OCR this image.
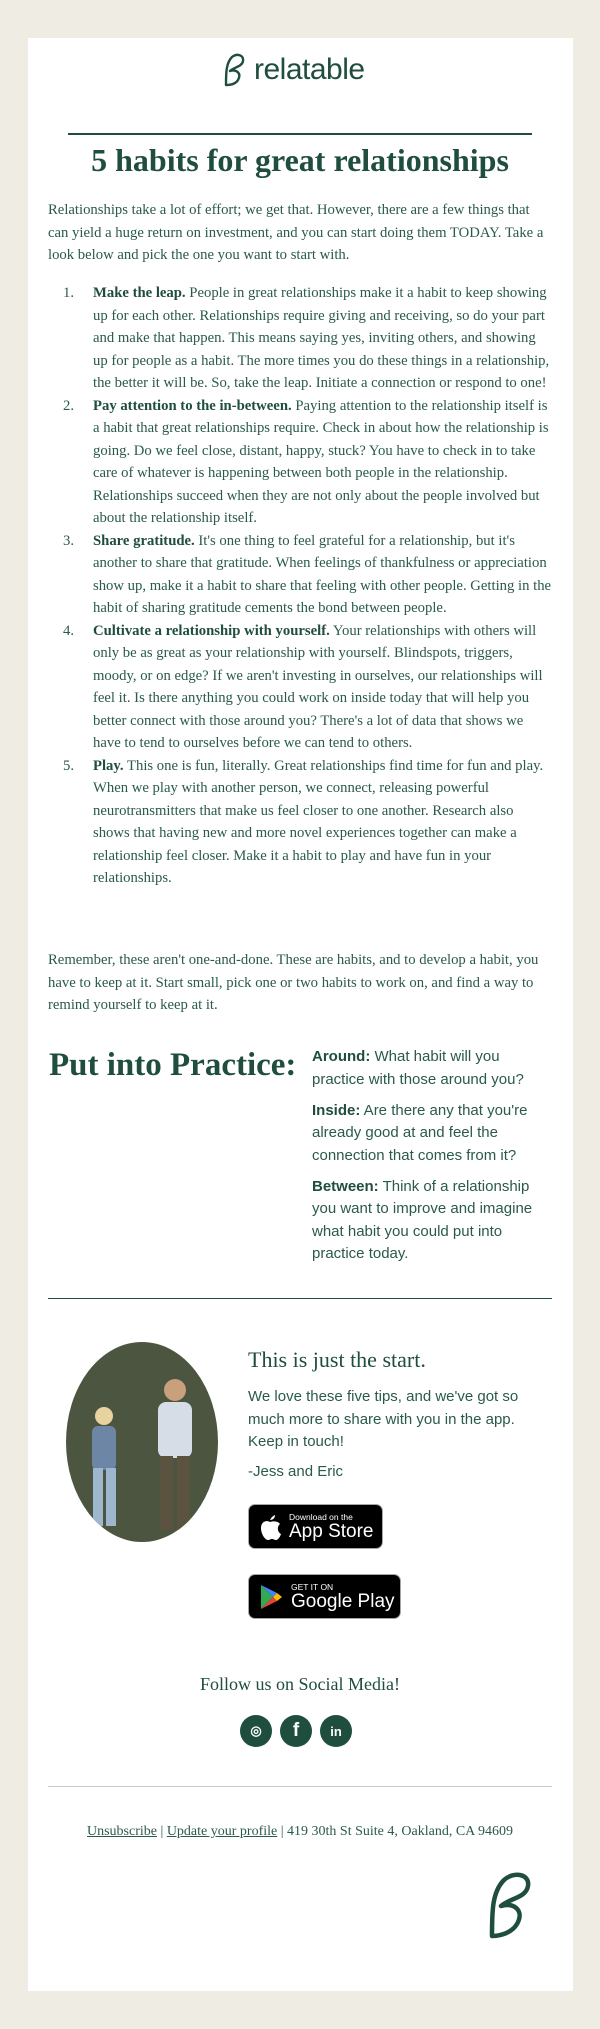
relatable
5 habits for great relationships

Relationships take a lot of effort; we get that. However, there are a few things that can yield a huge return on investment, and you can start doing them TODAY. Take a look below and pick the one you want to start with.

1. Make the leap. People in great relationships make it a habit to keep showing up for each other. Relationships require giving and receiving, so do your part and make that happen. This means saying yes, inviting others, and showing up for people as a habit. The more times you do these things in a relationship, the better it will be. So, take the leap. Initiate a connection or respond to one!
2. Pay attention to the in-between. Paying attention to the relationship itself is a habit that great relationships require. Check in about how the relationship is going. Do we feel close, distant, happy, stuck? You have to check in to take care of whatever is happening between both people in the relationship. Relationships succeed when they are not only about the people involved but about the relationship itself.
3. Share gratitude. It's one thing to feel grateful for a relationship, but it's another to share that gratitude. When feelings of thankfulness or appreciation show up, make it a habit to share that feeling with other people. Getting in the habit of sharing gratitude cements the bond between people.
4. Cultivate a relationship with yourself. Your relationships with others will only be as great as your relationship with yourself. Blindspots, triggers, moody, or on edge? If we aren't investing in ourselves, our relationships will feel it. Is there anything you could work on inside today that will help you better connect with those around you? There's a lot of data that shows we have to tend to ourselves before we can tend to others.
5. Play. This one is fun, literally. Great relationships find time for fun and play. When we play with another person, we connect, releasing powerful neurotransmitters that make us feel closer to one another. Research also shows that having new and more novel experiences together can make a relationship feel closer. Make it a habit to play and have fun in your relationships.

Remember, these aren't one-and-done. These are habits, and to develop a habit, you have to keep at it. Start small, pick one or two habits to work on, and find a way to remind yourself to keep at it.

Put into Practice: Around: What habit will you practice with those around you?

Inside: Are there any that you're already good at and feel the connection that comes from it?

Between: Think of a relationship you want to improve and imagine what habit you could put into practice today.

This is just the start.

We love these five tips, and we've got so much more to share with you in the app. Keep in touch!

-Jess and Eric
Download on the
App Store
GET IT ON
Google Play
Follow us on Social Media!
◎	f	in
Unsubscribe | Update your profile | 419 30th St Suite 4, Oakland, CA 94609
